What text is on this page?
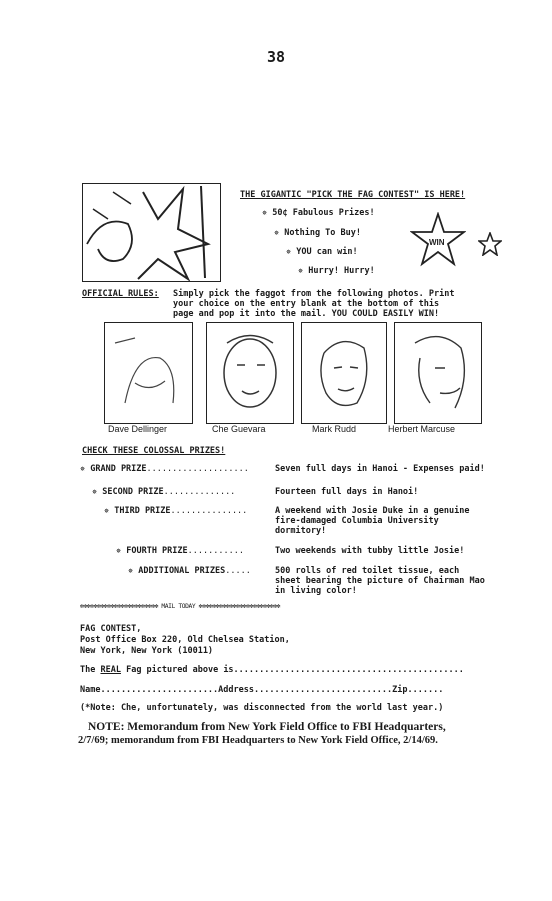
38
THE GIGANTIC "PICK THE FAG CONTEST" IS HERE!
✵ 50¢ Fabulous Prizes!
✵ Nothing To Buy!
✵ YOU can win!
✵ Hurry! Hurry!
WIN
OFFICIAL RULES: Simply pick the faggot from the following photos. Print
your choice on the entry blank at the bottom of this
page and pop it into the mail. YOU COULD EASILY WIN!
Dave Dellinger	Che Guevara	Mark Rudd	Herbert Marcuse
CHECK THESE COLOSSAL PRIZES!
✵ GRAND PRIZE....................	Seven full days in Hanoi - Expenses paid!
✵ SECOND PRIZE..............	Fourteen full days in Hanoi!
✵ THIRD PRIZE...............	A weekend with Josie Duke in a genuine
fire-damaged Columbia University
dormitory!
✵ FOURTH PRIZE...........	Two weekends with tubby little Josie!
✵ ADDITIONAL PRIZES.....	500 rolls of red toilet tissue, each
sheet bearing the picture of Chairman Mao
in living color!
✻✻✻✻✻✻✻✻✻✻✻✻✻✻✻✻✻✻✻✻✻✻✻ MAIL TODAY ✻✻✻✻✻✻✻✻✻✻✻✻✻✻✻✻✻✻✻✻✻✻✻✻
FAG CONTEST,
Post Office Box 220, Old Chelsea Station,
New York, New York (10011)
The REAL Fag pictured above is.............................................
Name.......................Address...........................Zip.......
(*Note: Che, unfortunately, was disconnected from the world last year.)
NOTE: Memorandum from New York Field Office to FBI Headquarters,
2/7/69; memorandum from FBI Headquarters to New York Field Office, 2/14/69.
